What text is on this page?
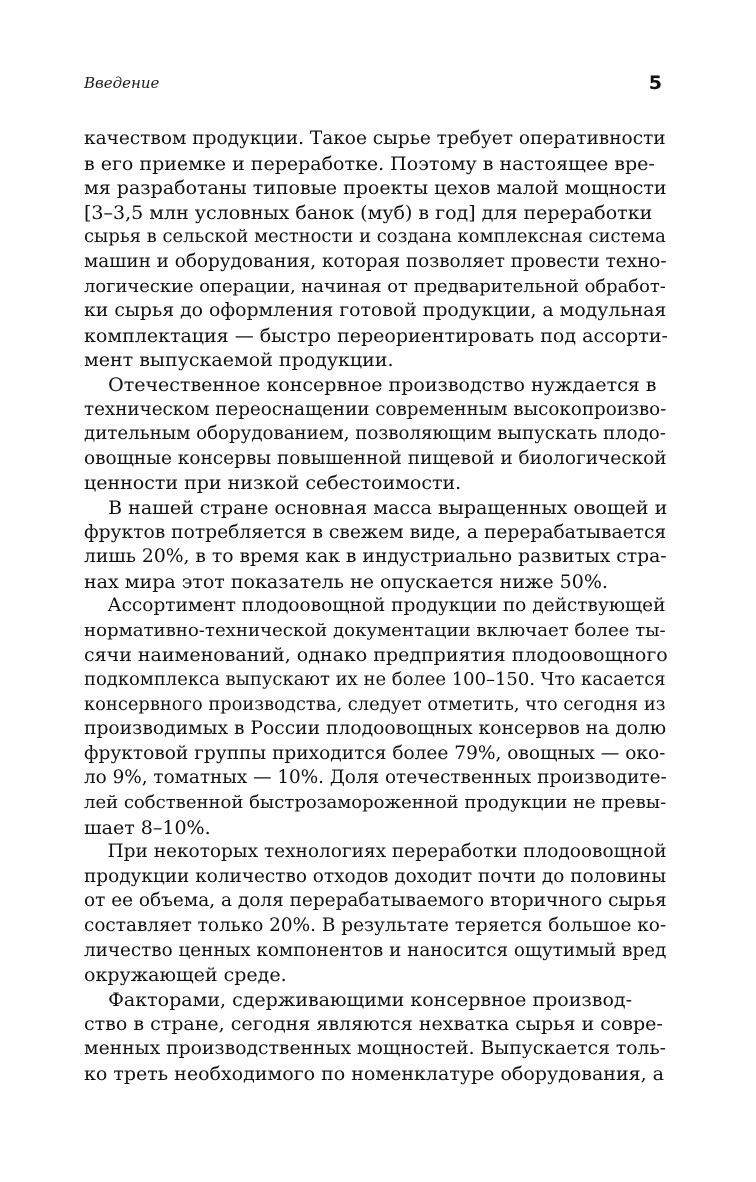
Введение	5
качеством продукции. Такое сырье требует оперативности
в его приемке и переработке. Поэтому в настоящее вре-
мя разработаны типовые проекты цехов малой мощности
[3–3,5 млн условных банок (муб) в год] для переработки
сырья в сельской местности и создана комплексная система
машин и оборудования, которая позволяет провести техно-
логические операции, начиная от предварительной обработ-
ки сырья до оформления готовой продукции, а модульная
комплектация — быстро переориентировать под ассорти-
мент выпускаемой продукции.
Отечественное консервное производство нуждается в
техническом переоснащении современным высокопроизво-
дительным оборудованием, позволяющим выпускать плодо-
овощные консервы повышенной пищевой и биологической
ценности при низкой себестоимости.
В нашей стране основная масса выращенных овощей и
фруктов потребляется в свежем виде, а перерабатывается
лишь 20%, в то время как в индустриально развитых стра-
нах мира этот показатель не опускается ниже 50%.
Ассортимент плодоовощной продукции по действующей
нормативно-технической документации включает более ты-
сячи наименований, однако предприятия плодоовощного
подкомплекса выпускают их не более 100–150. Что касается
консервного производства, следует отметить, что сегодня из
производимых в России плодоовощных консервов на долю
фруктовой группы приходится более 79%, овощных — око-
ло 9%, томатных — 10%. Доля отечественных производите-
лей собственной быстрозамороженной продукции не превы-
шает 8–10%.
При некоторых технологиях переработки плодоовощной
продукции количество отходов доходит почти до половины
от ее объема, а доля перерабатываемого вторичного сырья
составляет только 20%. В результате теряется большое ко-
личество ценных компонентов и наносится ощутимый вред
окружающей среде.
Факторами, сдерживающими консервное производ-
ство в стране, сегодня являются нехватка сырья и совре-
менных производственных мощностей. Выпускается толь-
ко треть необходимого по номенклатуре оборудования, а
